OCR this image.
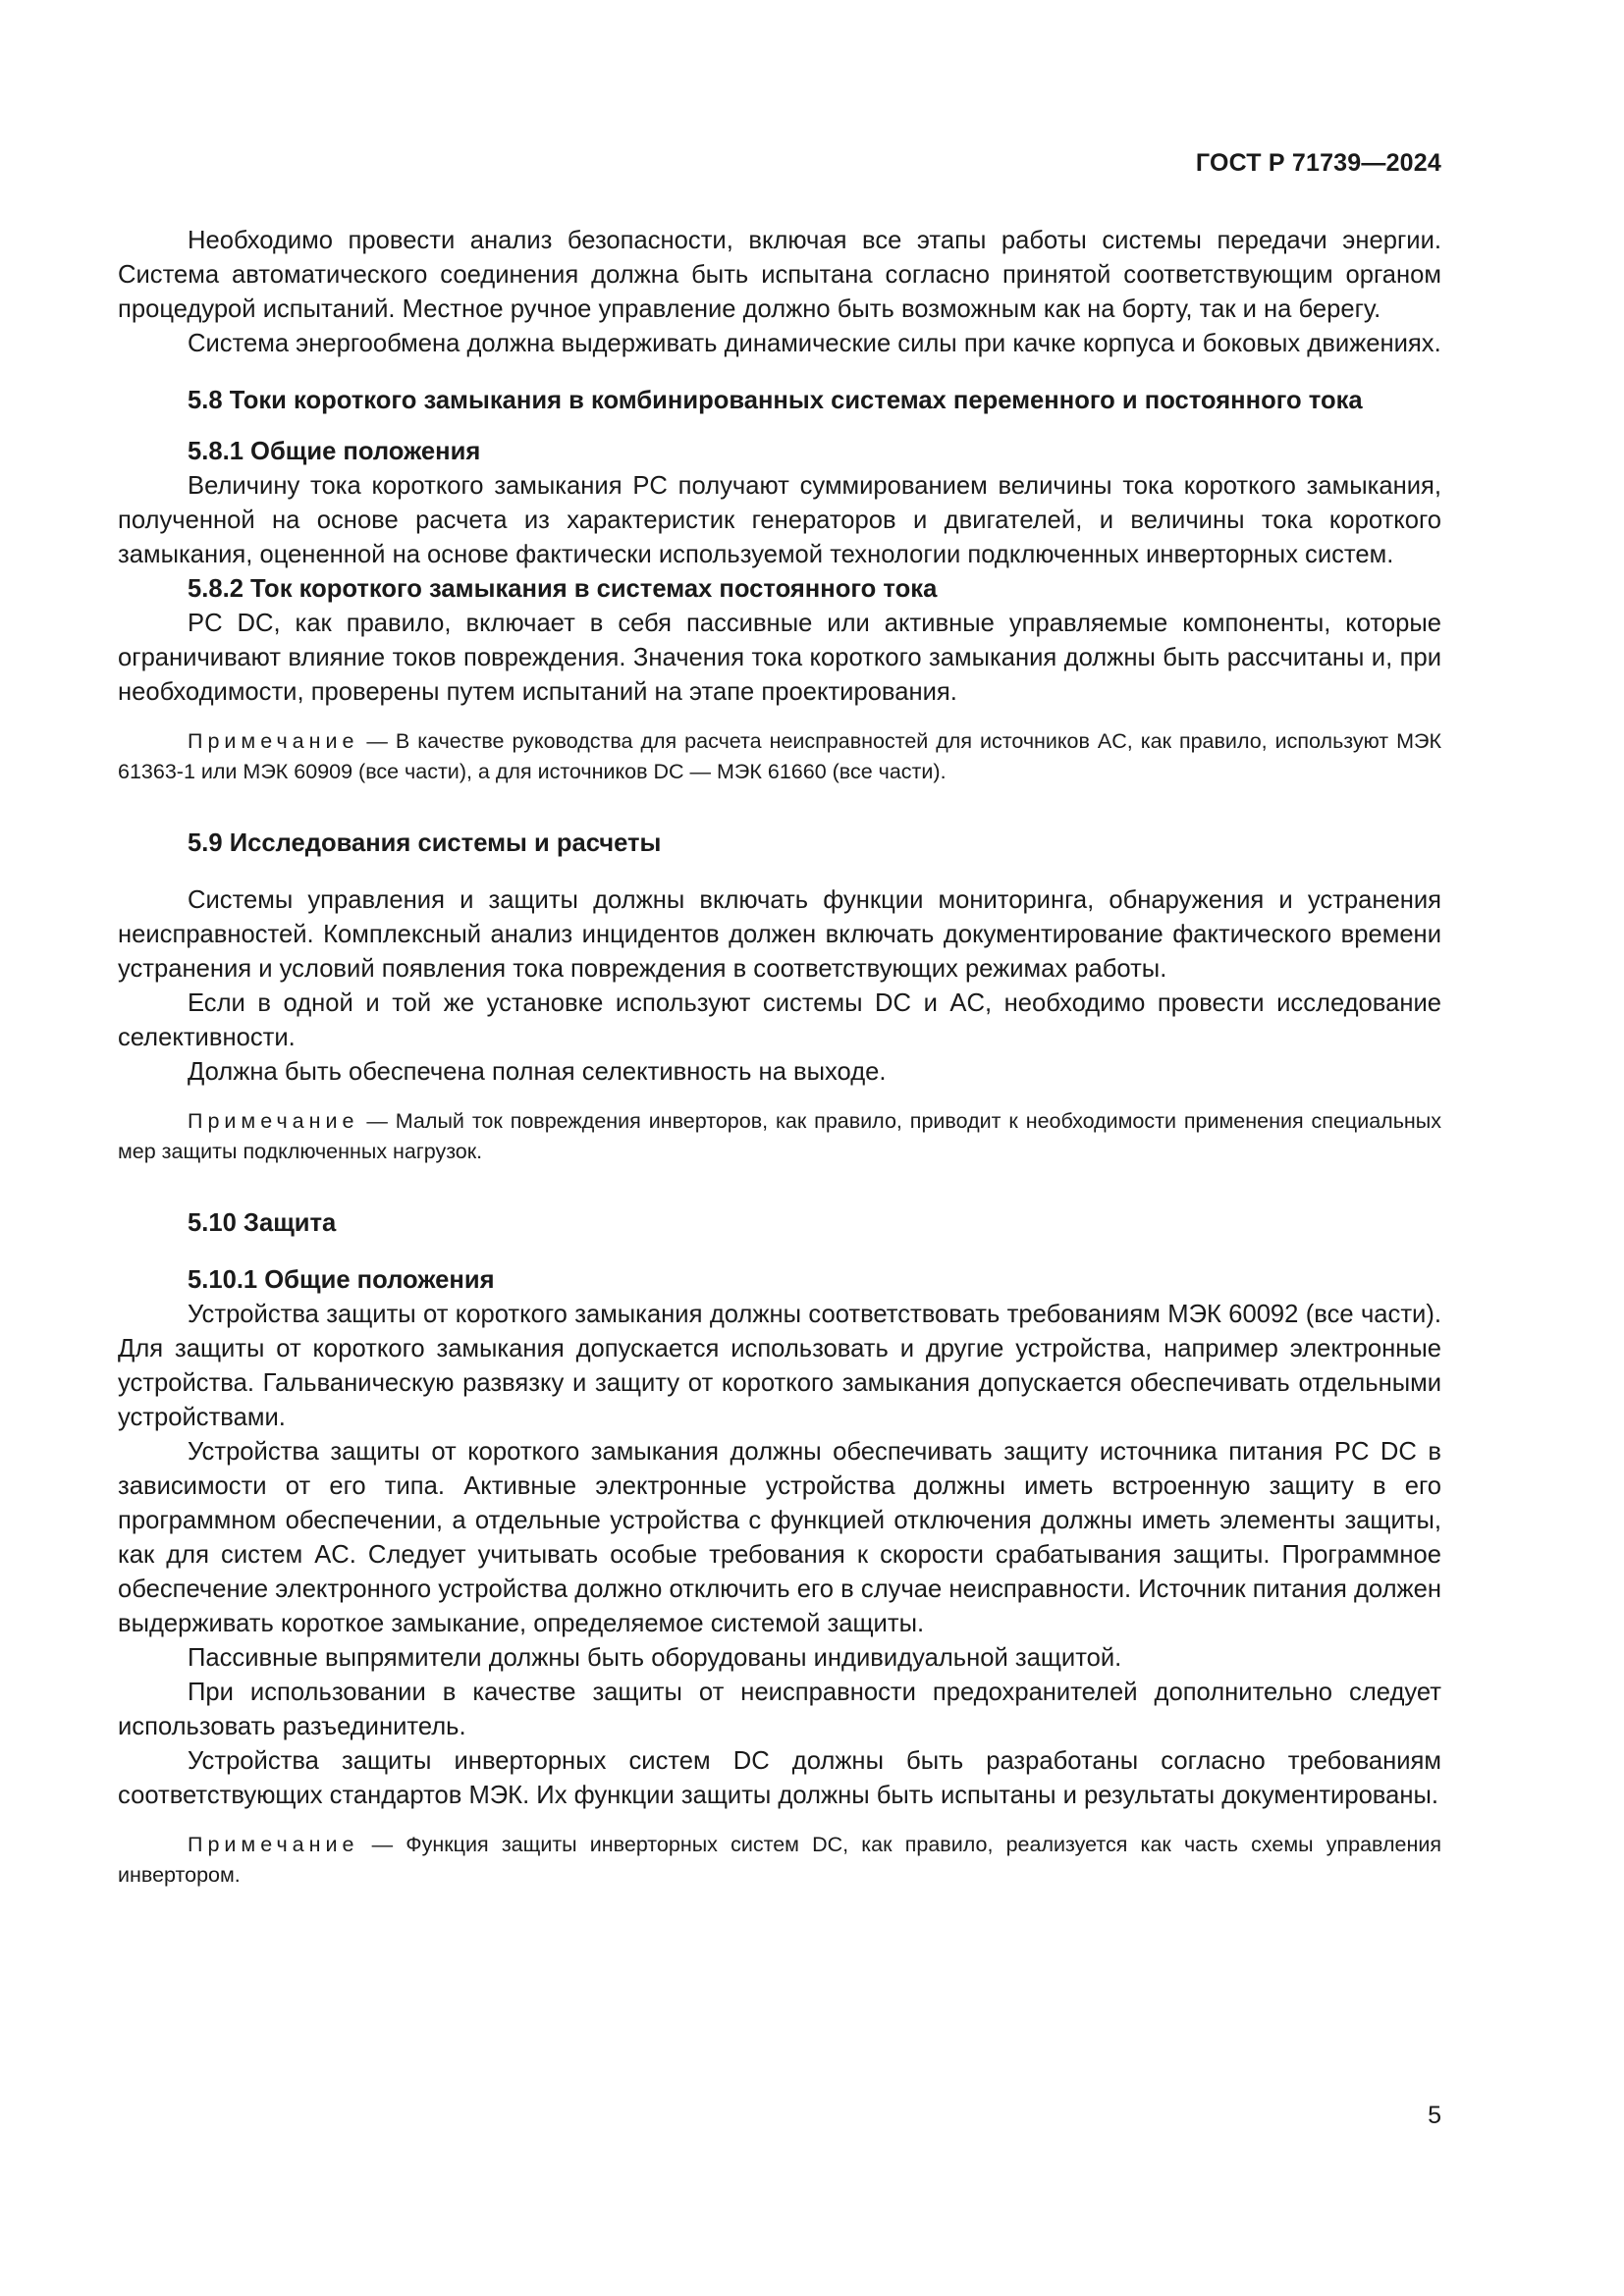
ГОСТ Р 71739—2024

Необходимо провести анализ безопасности, включая все этапы работы системы передачи энергии. Система автоматического соединения должна быть испытана согласно принятой соответствующим органом процедурой испытаний. Местное ручное управление должно быть возможным как на борту, так и на берегу.

Система энергообмена должна выдерживать динамические силы при качке корпуса и боковых движениях.

5.8 Токи короткого замыкания в комбинированных системах переменного и постоянного тока
5.8.1 Общие положения

Величину тока короткого замыкания PC получают суммированием величины тока короткого замыкания, полученной на основе расчета из характеристик генераторов и двигателей, и величины тока короткого замыкания, оцененной на основе фактически используемой технологии подключенных инверторных систем.

5.8.2 Ток короткого замыкания в системах постоянного тока

PC DC, как правило, включает в себя пассивные или активные управляемые компоненты, которые ограничивают влияние токов повреждения. Значения тока короткого замыкания должны быть рассчитаны и, при необходимости, проверены путем испытаний на этапе проектирования.

Примечание — В качестве руководства для расчета неисправностей для источников AC, как правило, используют МЭК 61363-1 или МЭК 60909 (все части), а для источников DC — МЭК 61660 (все части).
5.9 Исследования системы и расчеты

Системы управления и защиты должны включать функции мониторинга, обнаружения и устранения неисправностей. Комплексный анализ инцидентов должен включать документирование фактического времени устранения и условий появления тока повреждения в соответствующих режимах работы.

Если в одной и той же установке используют системы DC и AC, необходимо провести исследование селективности.

Должна быть обеспечена полная селективность на выходе.

Примечание — Малый ток повреждения инверторов, как правило, приводит к необходимости применения специальных мер защиты подключенных нагрузок.
5.10 Защита
5.10.1 Общие положения

Устройства защиты от короткого замыкания должны соответствовать требованиям МЭК 60092 (все части). Для защиты от короткого замыкания допускается использовать и другие устройства, например электронные устройства. Гальваническую развязку и защиту от короткого замыкания допускается обеспечивать отдельными устройствами.

Устройства защиты от короткого замыкания должны обеспечивать защиту источника питания PC DC в зависимости от его типа. Активные электронные устройства должны иметь встроенную защиту в его программном обеспечении, а отдельные устройства с функцией отключения должны иметь элементы защиты, как для систем AC. Следует учитывать особые требования к скорости срабатывания защиты. Программное обеспечение электронного устройства должно отключить его в случае неисправности. Источник питания должен выдерживать короткое замыкание, определяемое системой защиты.

Пассивные выпрямители должны быть оборудованы индивидуальной защитой.

При использовании в качестве защиты от неисправности предохранителей дополнительно следует использовать разъединитель.

Устройства защиты инверторных систем DC должны быть разработаны согласно требованиям соответствующих стандартов МЭК. Их функции защиты должны быть испытаны и результаты документированы.

Примечание — Функция защиты инверторных систем DC, как правило, реализуется как часть схемы управления инвертором.
5
